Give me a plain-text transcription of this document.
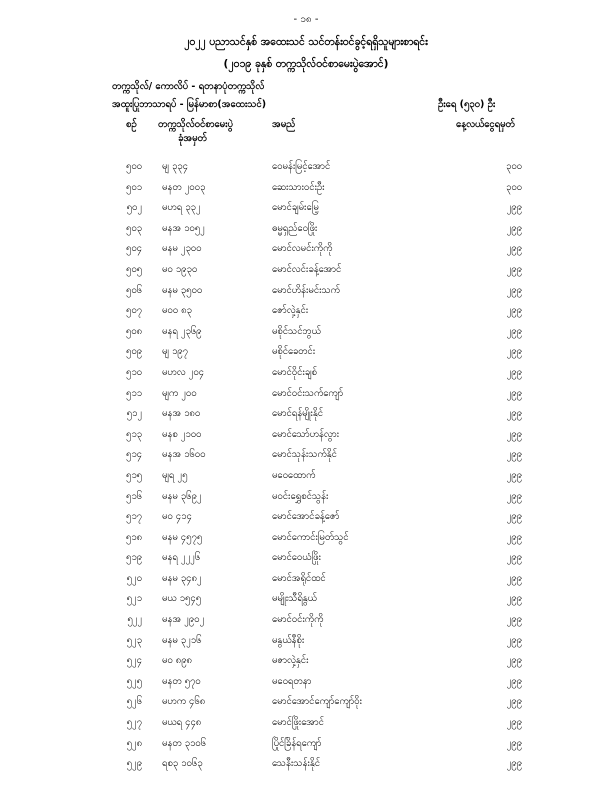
- ၁၈ -
၂၀၂၂ ပညာသင်နှစ် အထေးသင် သင်တန်းဝင်ခွင့်ရရှိသူများစာရင်း
(၂၀၁၉ ခုနှစ် တက္ကသိုလ်ဝင်စာမေးပွဲအောင်)
တက္ကသိုလ်/ ကောလိပ် - ရတနာပုံတက္ကသိုလ်
အထူးပြုဘာသာရပ် - မြန်မာစာ(အထေးသင်)	ဦးရေ (၅၃၀) ဦး
စဉ် တက္ကသိုလ်ဝင်စာမေးပွဲ
ခုံအမှတ်
အမည်	နေ့လယ်ငွေရမှတ်
၅၀၀ မျ ၃၃၄	ဝေမန်းမြင့်အောင်	၃၀၀
၅၀၁ မနတ ၂၀၀၃	ဆေးသားဝင်းဦး	၃၀၀
၅၀၂ မဟရ ၃၃၂	မောင်ချမ်းမြေ့	၂၉၉
၅၀၃ မနအ ၁၀၅၂	ဓမ္မရှည်ဝေဖြိုး	၂၉၉
၅၀၄ မနမ ၂၃၀၀	မောင်လမင်းကိုကို	၂၉၉
၅၀၅ မဝ ၁၉၃၀	မောင်လင်းခန့်အောင်	၂၉၉
၅၀၆ မနမ ၃၅၀၀	မောင်ဟိန်းမင်းသက်	၂၉၉
၅၀၇ မဝဝ ၈၃	ဇော်လှဲ့နှင်း	၂၉၉
၅၀၈ မနရ ၂၃၆၉	မစိုင်သင်ဘွယ်	၂၉၉
၅၀၉ မျ ၁၉၇	မစိုင်ခေတင်း	၂၉၉
၅၁၀ မဟလ ၂၀၄	မောင်ဝိုင်းချစ်	၂၉၉
၅၁၁ မျက ၂၀၀	မောင်ဝင်းသက်ကျော်	၂၉၉
၅၁၂ မနအ ၁၈၀	မောင်ရန်မျိုးနိုင်	၂၉၉
၅၁၃ မနစ ၂၁၀၀	မောင်သော်ဟန်လွား	၂၉၉
၅၁၄ မနအ ၁၆၀၀	မောင်သုန်းသက်နိုင်	၂၉၉
၅၁၅ မျရ ၂၅	မဝေထောက်	၂၉၉
၅၁၆ မနမ ၃၆၉၂	မဝင်းရွှေစင်သွန်း	၂၉၉
၅၁၇ မဝ ၄၁၄	မောင်အောင်ခန့်ဇော်	၂၉၉
၅၁၈ မနမ ၄၅၇၅	မောင်ကောင်းမြတ်သွင်	၂၉၉
၅၁၉ မနရ ၂၂၂၆	မောင်ဝေယံဖြိုး	၂၉၉
၅၂၀ မနမ ၃၄၈၂	မောင်အရိုင်ထင်	၂၉၉
၅၂၁ မယ ၁၅၄၅	မမျိုးသီရိနွယ်	၂၉၉
၅၂၂ မနအ ၂၉၀၂	မောင်ဝင်းကိုကို	၂၉၉
၅၂၃ မနမ ၃၂၁၆	မနွယ်နီစိုး	၂၉၉
၅၂၄ မဝ ၈၉၈	မဇာလှဲ့နှင်း	၂၉၉
၅၂၅ မနတ ၅၇၀	မဝေရတနာ	၂၉၉
၅၂၆ မဟက ၄၆၈	မောင်အောင်ကျော်ကျော်ဝိုး	၂၉၉
၅၂၇ မယရ ၄၄၈	မောင်ဖြိုးအောင်	၂၉၉
၅၂၈ မနတ ၃၁၀၆	ပြိုင်ခြိန်ရကျော်	၂၉၉
၅၂၉ ရစ၃ ၁၀၆၃	သေနီးသန်းနိုင်	၂၉၉
